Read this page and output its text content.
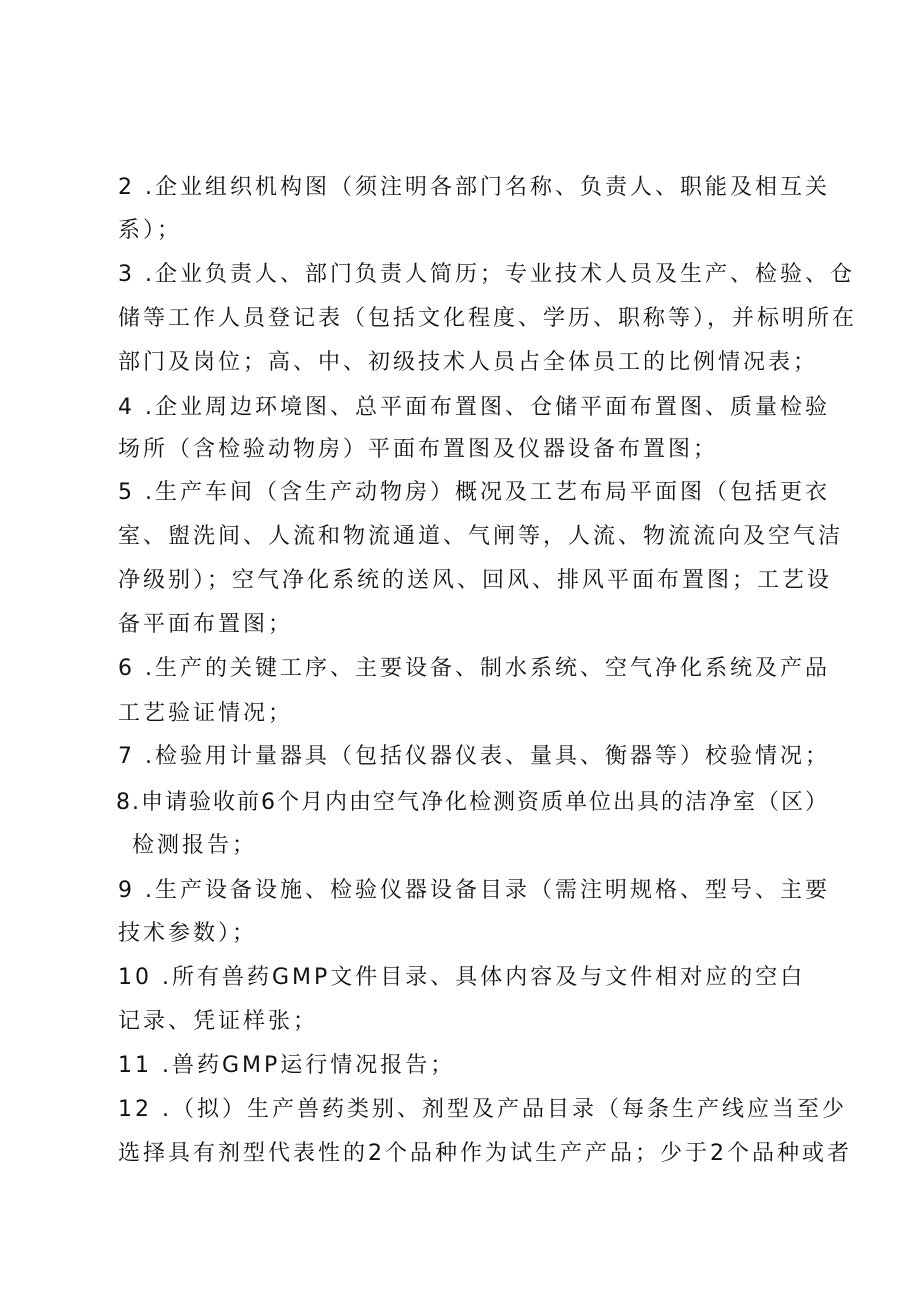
2 .企业组织机构图（须注明各部门名称、负责人、职能及相互关
系）；
3 .企业负责人、部门负责人简历；专业技术人员及生产、检验、仓
储等工作人员登记表（包括文化程度、学历、职称等），并标明所在
部门及岗位；高、中、初级技术人员占全体员工的比例情况表；
4 .企业周边环境图、总平面布置图、仓储平面布置图、质量检验
场所（含检验动物房）平面布置图及仪器设备布置图；
5 .生产车间（含生产动物房）概况及工艺布局平面图（包括更衣
室、盥洗间、人流和物流通道、气闸等，人流、物流流向及空气洁
净级别）；空气净化系统的送风、回风、排风平面布置图；工艺设
备平面布置图；
6 .生产的关键工序、主要设备、制水系统、空气净化系统及产品
工艺验证情况；
7 .检验用计量器具（包括仪器仪表、量具、衡器等）校验情况；
8.申请验收前6个月内由空气净化检测资质单位出具的洁净室（区）
检测报告；
9 .生产设备设施、检验仪器设备目录（需注明规格、型号、主要
技术参数）；
10 .所有兽药GMP文件目录、具体内容及与文件相对应的空白
记录、凭证样张；
11 .兽药GMP运行情况报告；
12 .（拟）生产兽药类别、剂型及产品目录（每条生产线应当至少
选择具有剂型代表性的2个品种作为试生产产品；少于2个品种或者
